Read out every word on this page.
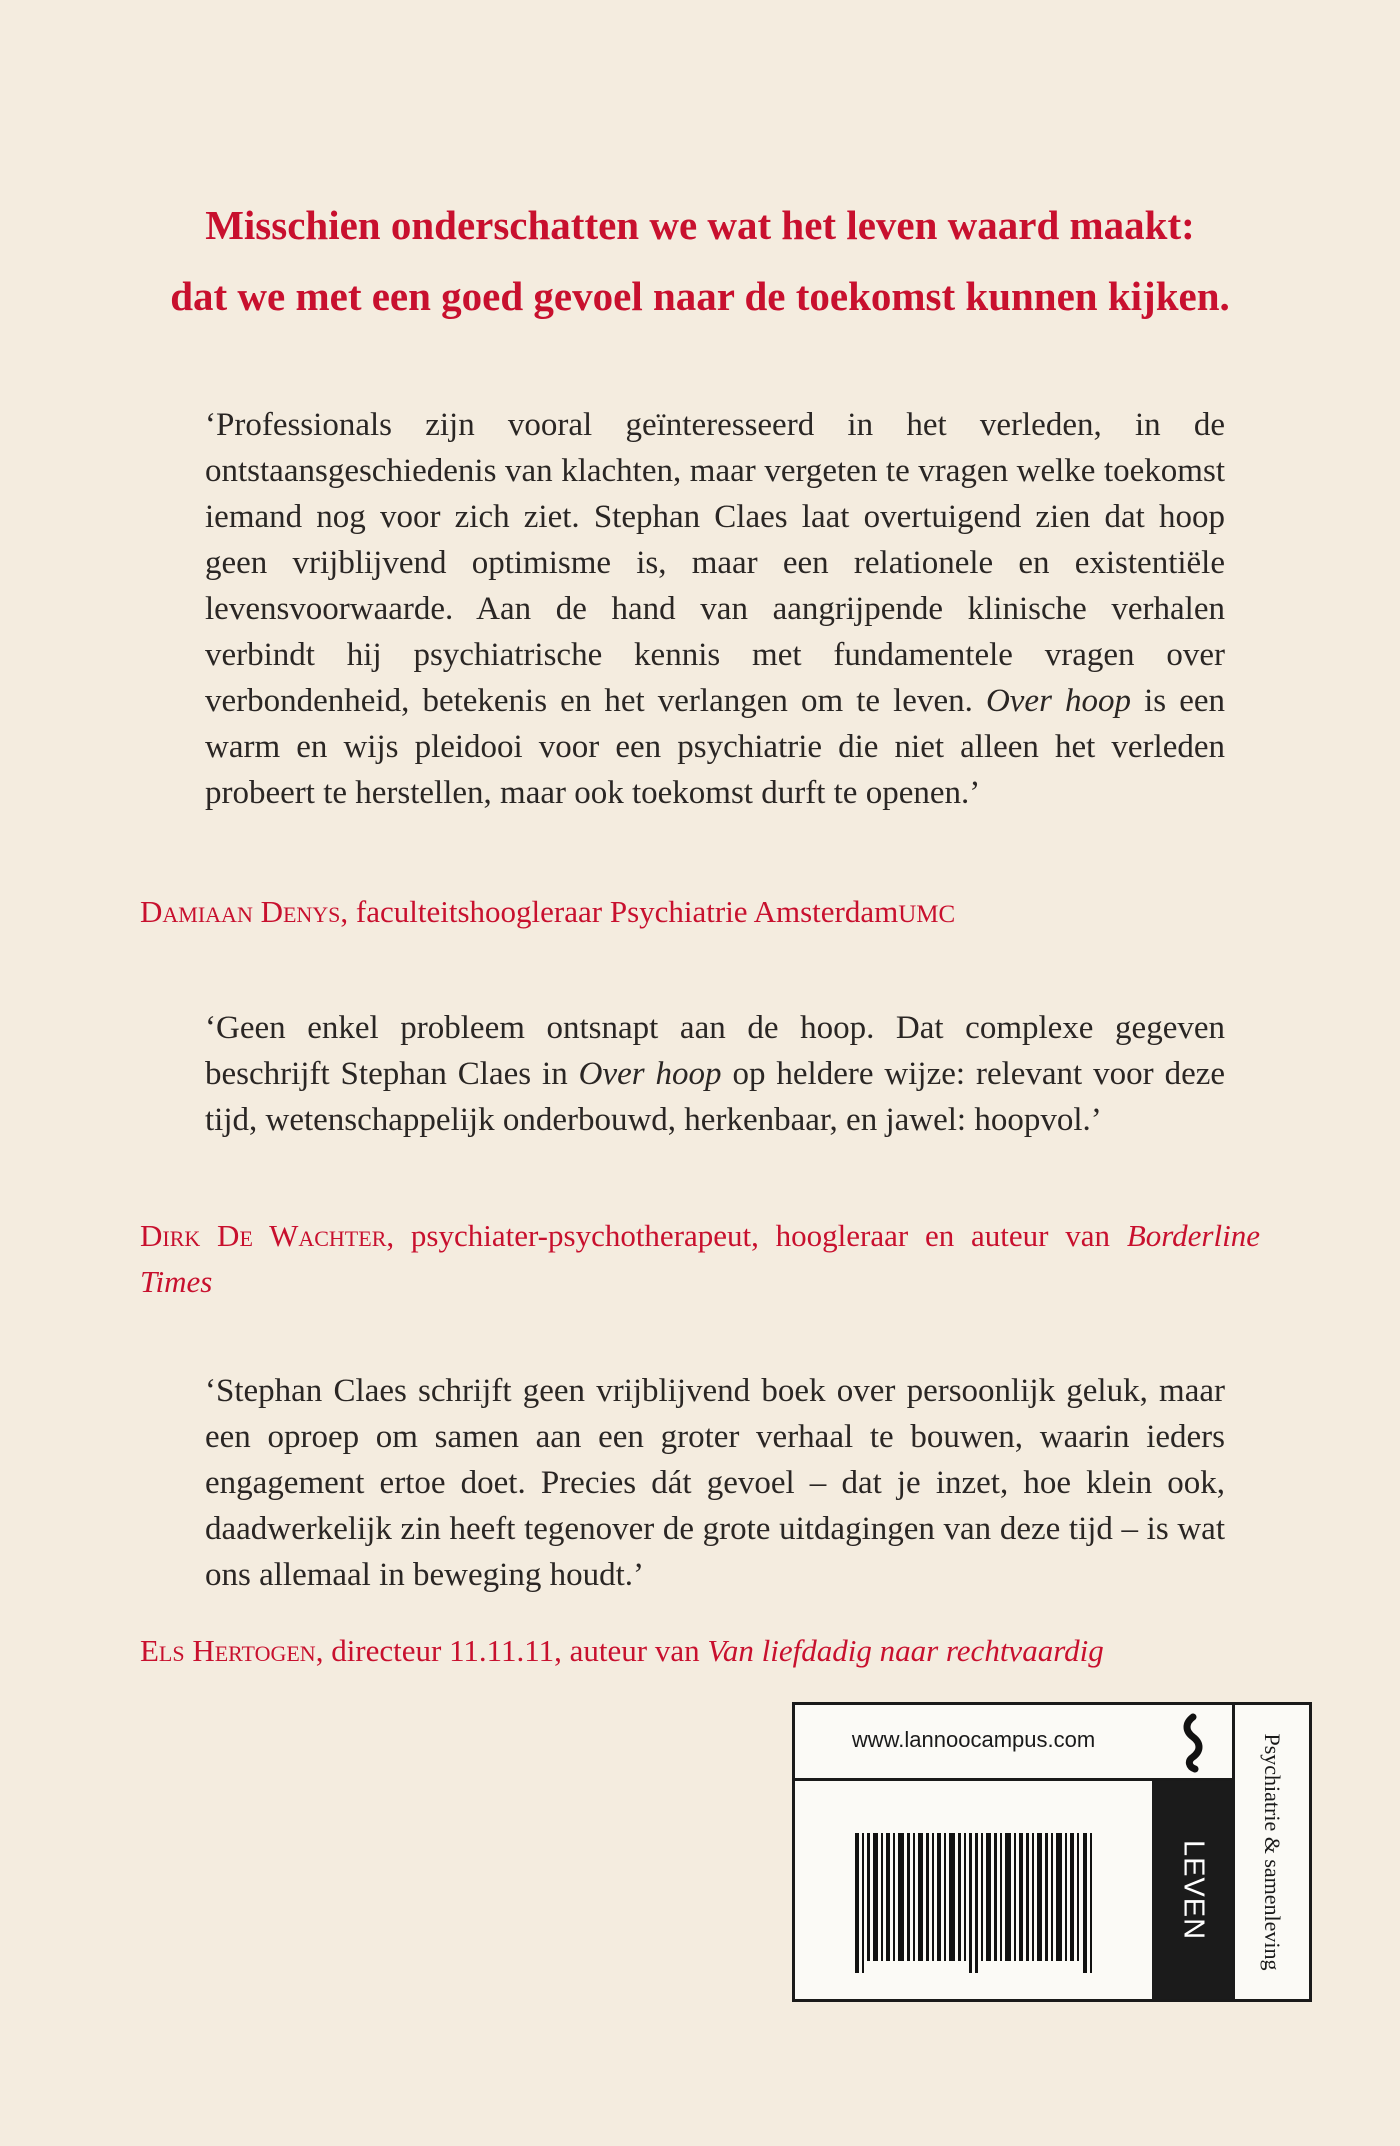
Misschien onderschatten we wat het leven waard maakt:
dat we met een goed gevoel naar de toekomst kunnen kijken.
‘Professionals zijn vooral geïnteresseerd in het verleden, in de ontstaansgeschiedenis van klachten, maar vergeten te vragen welke toekomst iemand nog voor zich ziet. Stephan Claes laat overtuigend zien dat hoop geen vrijblijvend optimisme is, maar een relationele en existentiële levensvoorwaarde. Aan de hand van aangrijpende klinische verhalen verbindt hij psychiatrische kennis met fundamentele vragen over verbondenheid, betekenis en het verlangen om te leven. Over hoop is een warm en wijs pleidooi voor een psychiatrie die niet alleen het verleden probeert te herstellen, maar ook toekomst durft te openen.’
Damiaan Denys, faculteitshoogleraar Psychiatrie AmsterdamUMC
‘Geen enkel probleem ontsnapt aan de hoop. Dat complexe gegeven beschrijft Stephan Claes in Over hoop op heldere wijze: relevant voor deze tijd, wetenschappelijk onderbouwd, herkenbaar, en jawel: hoopvol.’
Dirk De Wachter, psychiater-psychotherapeut, hoogleraar en auteur van Borderline Times
‘Stephan Claes schrijft geen vrijblijvend boek over persoonlijk geluk, maar een oproep om samen aan een groter verhaal te bouwen, waarin ieders engagement ertoe doet. Precies dát gevoel – dat je inzet, hoe klein ook, daadwerkelijk zin heeft tegenover de grote uitdagingen van deze tijd – is wat ons allemaal in beweging houdt.’
Els Hertogen, directeur 11.11.11, auteur van Van liefdadig naar rechtvaardig
www.lannoocampus.com
LEVEN Psychiatrie & samenleving
